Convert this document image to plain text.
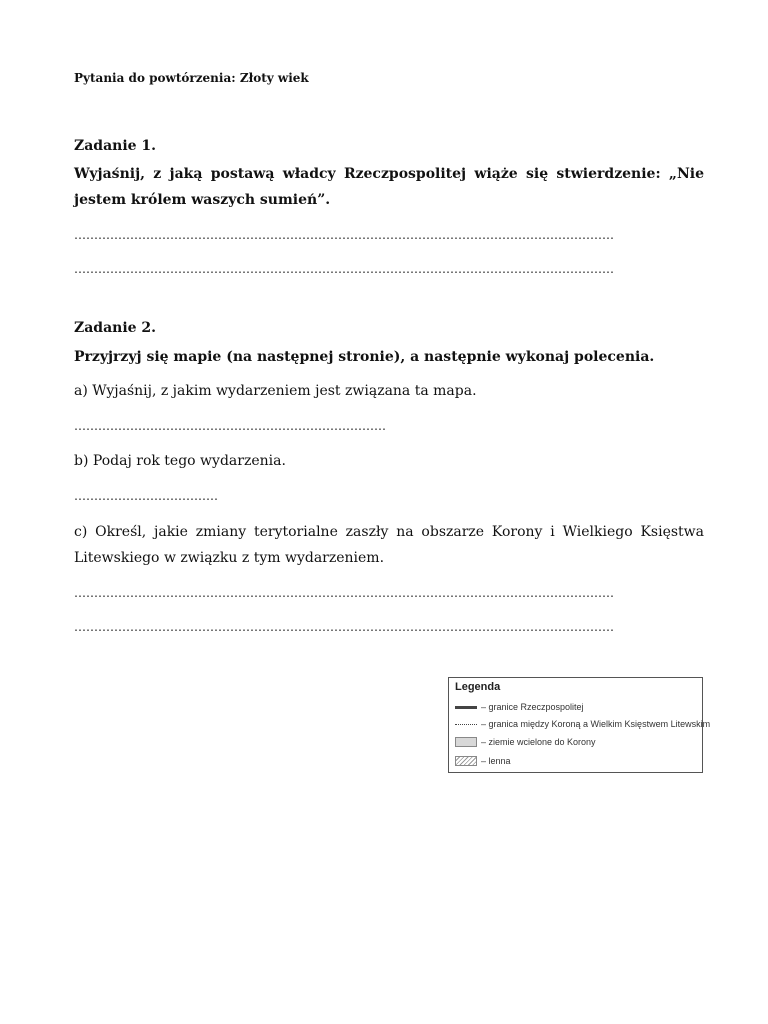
Pytania do powtórzenia: Złoty wiek
Zadanie 1.
Wyjaśnij, z jaką postawą władcy Rzeczpospolitej wiąże się stwierdzenie: „Nie
jestem królem waszych sumień”.
………………………………………………………………………………………………………………………
………………………………………………………………………………………………………………………
Zadanie 2.
Przyjrzyj się mapie (na następnej stronie), a następnie wykonaj polecenia.
a) Wyjaśnij, z jakim wydarzeniem jest związana ta mapa.
……………………………………………………………………
b) Podaj rok tego wydarzenia.
………………………………
c) Określ, jakie zmiany terytorialne zaszły na obszarze Korony i Wielkiego Księstwa
Litewskiego w związku z tym wydarzeniem.
………………………………………………………………………………………………………………………
………………………………………………………………………………………………………………………
Legenda
– granice Rzeczpospolitej
– granica między Koroną a Wielkim Księstwem Litewskim
– ziemie wcielone do Korony
– lenna
